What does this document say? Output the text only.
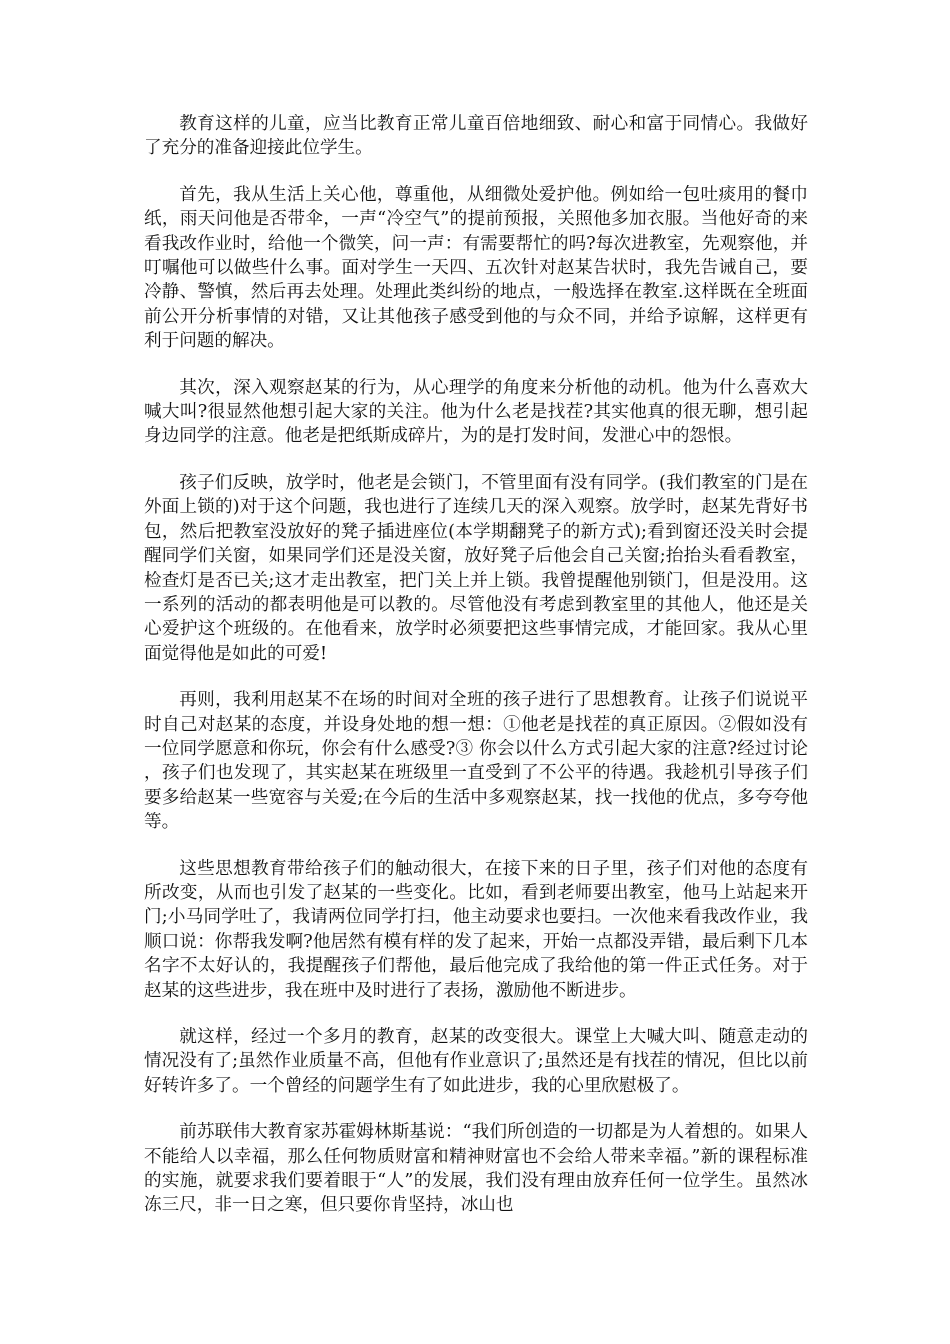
教育这样的儿童，应当比教育正常儿童百倍地细致、耐心和富于同情心。我做好了充分的准备迎接此位学生。

首先，我从生活上关心他，尊重他，从细微处爱护他。例如给一包吐痰用的餐巾纸，雨天问他是否带伞，一声“冷空气”的提前预报，关照他多加衣服。当他好奇的来看我改作业时，给他一个微笑，问一声：有需要帮忙的吗?每次进教室，先观察他，并叮嘱他可以做些什么事。面对学生一天四、五次针对赵某告状时，我先告诫自己，要冷静、警慎，然后再去处理。处理此类纠纷的地点，一般选择在教室.这样既在全班面前公开分析事情的对错，又让其他孩子感受到他的与众不同，并给予谅解，这样更有利于问题的解决。

其次，深入观察赵某的行为，从心理学的角度来分析他的动机。他为什么喜欢大喊大叫?很显然他想引起大家的关注。他为什么老是找茬?其实他真的很无聊，想引起身边同学的注意。他老是把纸斯成碎片，为的是打发时间，发泄心中的怨恨。

孩子们反映，放学时，他老是会锁门，不管里面有没有同学。(我们教室的门是在外面上锁的)对于这个问题，我也进行了连续几天的深入观察。放学时，赵某先背好书包，然后把教室没放好的凳子插进座位(本学期翻凳子的新方式);看到窗还没关时会提醒同学们关窗，如果同学们还是没关窗，放好凳子后他会自己关窗;抬抬头看看教室，检查灯是否已关;这才走出教室，把门关上并上锁。我曾提醒他别锁门，但是没用。这一系列的活动的都表明他是可以教的。尽管他没有考虑到教室里的其他人，他还是关心爱护这个班级的。在他看来，放学时必须要把这些事情完成，才能回家。我从心里面觉得他是如此的可爱!

再则，我利用赵某不在场的时间对全班的孩子进行了思想教育。让孩子们说说平时自己对赵某的态度，并设身处地的想一想：①他老是找茬的真正原因。②假如没有一位同学愿意和你玩，你会有什么感受?③ 你会以什么方式引起大家的注意?经过讨论，孩子们也发现了，其实赵某在班级里一直受到了不公平的待遇。我趁机引导孩子们要多给赵某一些宽容与关爱;在今后的生活中多观察赵某，找一找他的优点，多夸夸他等。

这些思想教育带给孩子们的触动很大，在接下来的日子里，孩子们对他的态度有所改变，从而也引发了赵某的一些变化。比如，看到老师要出教室，他马上站起来开门;小马同学吐了，我请两位同学打扫，他主动要求也要扫。一次他来看我改作业，我顺口说：你帮我发啊?他居然有模有样的发了起来，开始一点都没弄错，最后剩下几本名字不太好认的，我提醒孩子们帮他，最后他完成了我给他的第一件正式任务。对于赵某的这些进步，我在班中及时进行了表扬，激励他不断进步。

就这样，经过一个多月的教育，赵某的改变很大。课堂上大喊大叫、随意走动的情况没有了;虽然作业质量不高，但他有作业意识了;虽然还是有找茬的情况，但比以前好转许多了。一个曾经的问题学生有了如此进步，我的心里欣慰极了。

前苏联伟大教育家苏霍姆林斯基说：“我们所创造的一切都是为人着想的。如果人不能给人以幸福，那么任何物质财富和精神财富也不会给人带来幸福。”新的课程标准的实施，就要求我们要着眼于“人”的发展，我们没有理由放弃任何一位学生。虽然冰冻三尺，非一日之寒，但只要你肯坚持，冰山也
